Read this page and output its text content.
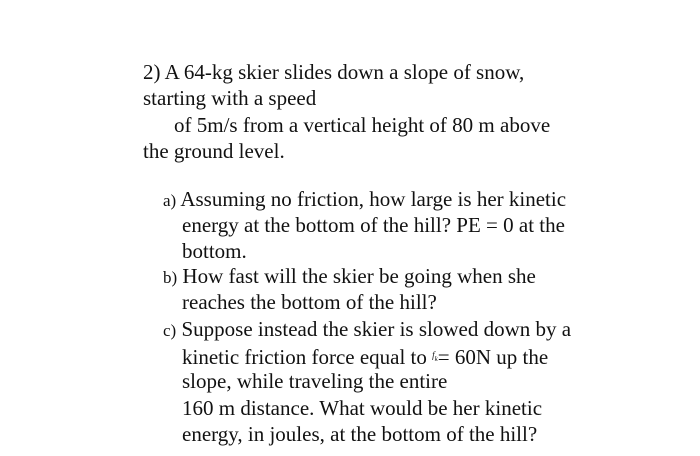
2) A 64-kg skier slides down a slope of snow,
starting with a speed
of 5m/s from a vertical height of 80 m above
the ground level.
a) Assuming no friction, how large is her kinetic
energy at the bottom of the hill? PE = 0 at the
bottom.
b) How fast will the skier be going when she
reaches the bottom of the hill?
c) Suppose instead the skier is slowed down by a
kinetic friction force equal to $^{f_k}$= 60N up the
slope, while traveling the entire
160 m distance. What would be her kinetic
energy, in joules, at the bottom of the hill?
